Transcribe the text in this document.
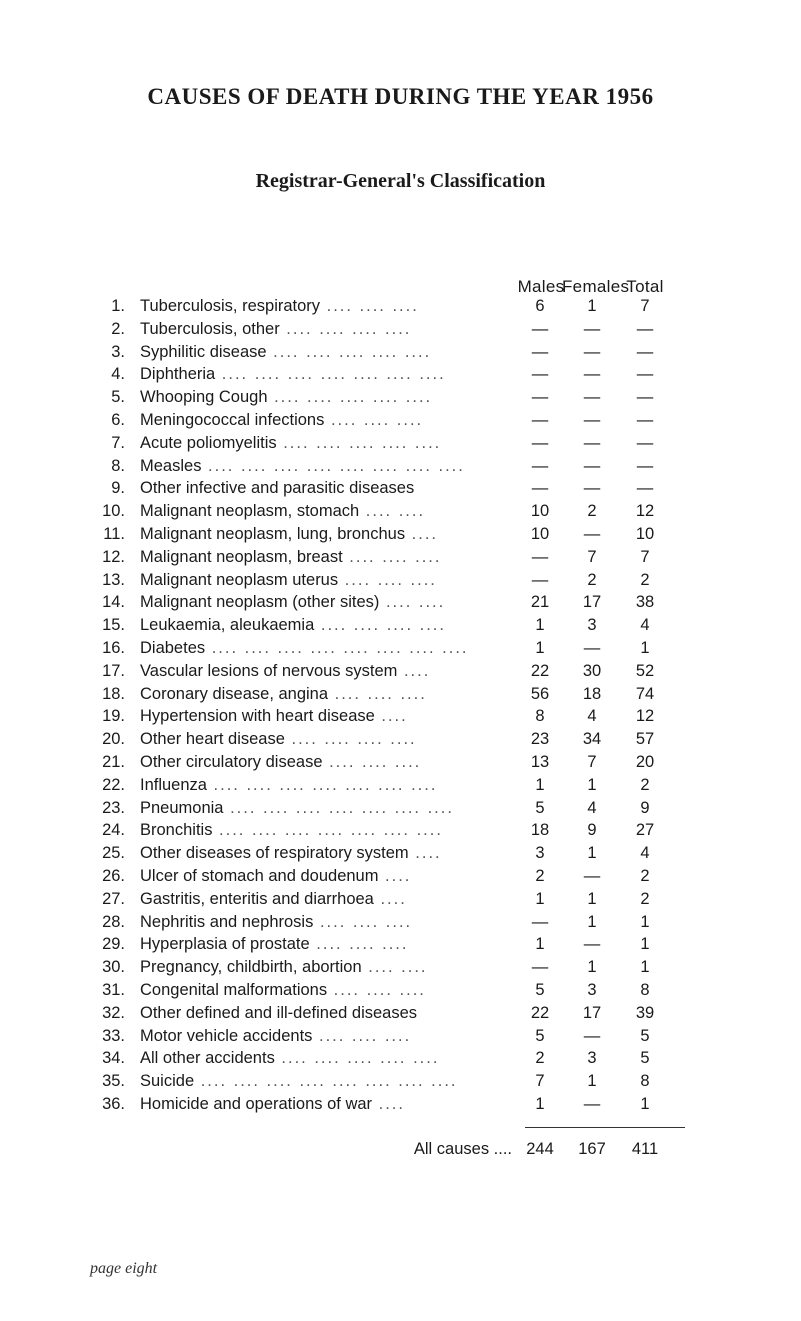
CAUSES OF DEATH DURING THE YEAR 1956
Registrar-General's Classification
Males
Females
Total
1. Tuberculosis, respiratory .... .... ....	6	1	7
2. Tuberculosis, other .... .... .... ....	—	—	—
3. Syphilitic disease .... .... .... .... ....	—	—	—
4. Diphtheria .... .... .... .... .... .... ....	—	—	—
5. Whooping Cough .... .... .... .... ....	—	—	—
6. Meningococcal infections .... .... ....	—	—	—
7. Acute poliomyelitis .... .... .... .... ....	—	—	—
8. Measles .... .... .... .... .... .... .... ....	—	—	—
9. Other infective and parasitic diseases	—	—	—
10. Malignant neoplasm, stomach .... ....	10	2	12
11. Malignant neoplasm, lung, bronchus ....	10	—	10
12. Malignant neoplasm, breast .... .... ....	—	7	7
13. Malignant neoplasm uterus .... .... ....	—	2	2
14. Malignant neoplasm (other sites) .... ....	21	17	38
15. Leukaemia, aleukaemia .... .... .... ....	1	3	4
16. Diabetes .... .... .... .... .... .... .... ....	1	—	1
17. Vascular lesions of nervous system ....	22	30	52
18. Coronary disease, angina .... .... ....	56	18	74
19. Hypertension with heart disease ....	8	4	12
20. Other heart disease .... .... .... ....	23	34	57
21. Other circulatory disease .... .... ....	13	7	20
22. Influenza .... .... .... .... .... .... ....	1	1	2
23. Pneumonia .... .... .... .... .... .... ....	5	4	9
24. Bronchitis .... .... .... .... .... .... ....	18	9	27
25. Other diseases of respiratory system ....	3	1	4
26. Ulcer of stomach and doudenum ....	2	—	2
27. Gastritis, enteritis and diarrhoea ....	1	1	2
28. Nephritis and nephrosis .... .... ....	—	1	1
29. Hyperplasia of prostate .... .... ....	1	—	1
30. Pregnancy, childbirth, abortion .... ....	—	1	1
31. Congenital malformations .... .... ....	5	3	8
32. Other defined and ill-defined diseases	22	17	39
33. Motor vehicle accidents .... .... ....	5	—	5
34. All other accidents .... .... .... .... ....	2	3	5
35. Suicide .... .... .... .... .... .... .... ....	7	1	8
36. Homicide and operations of war ....	1	—	1
All causes .... 244	167	411
page eight
